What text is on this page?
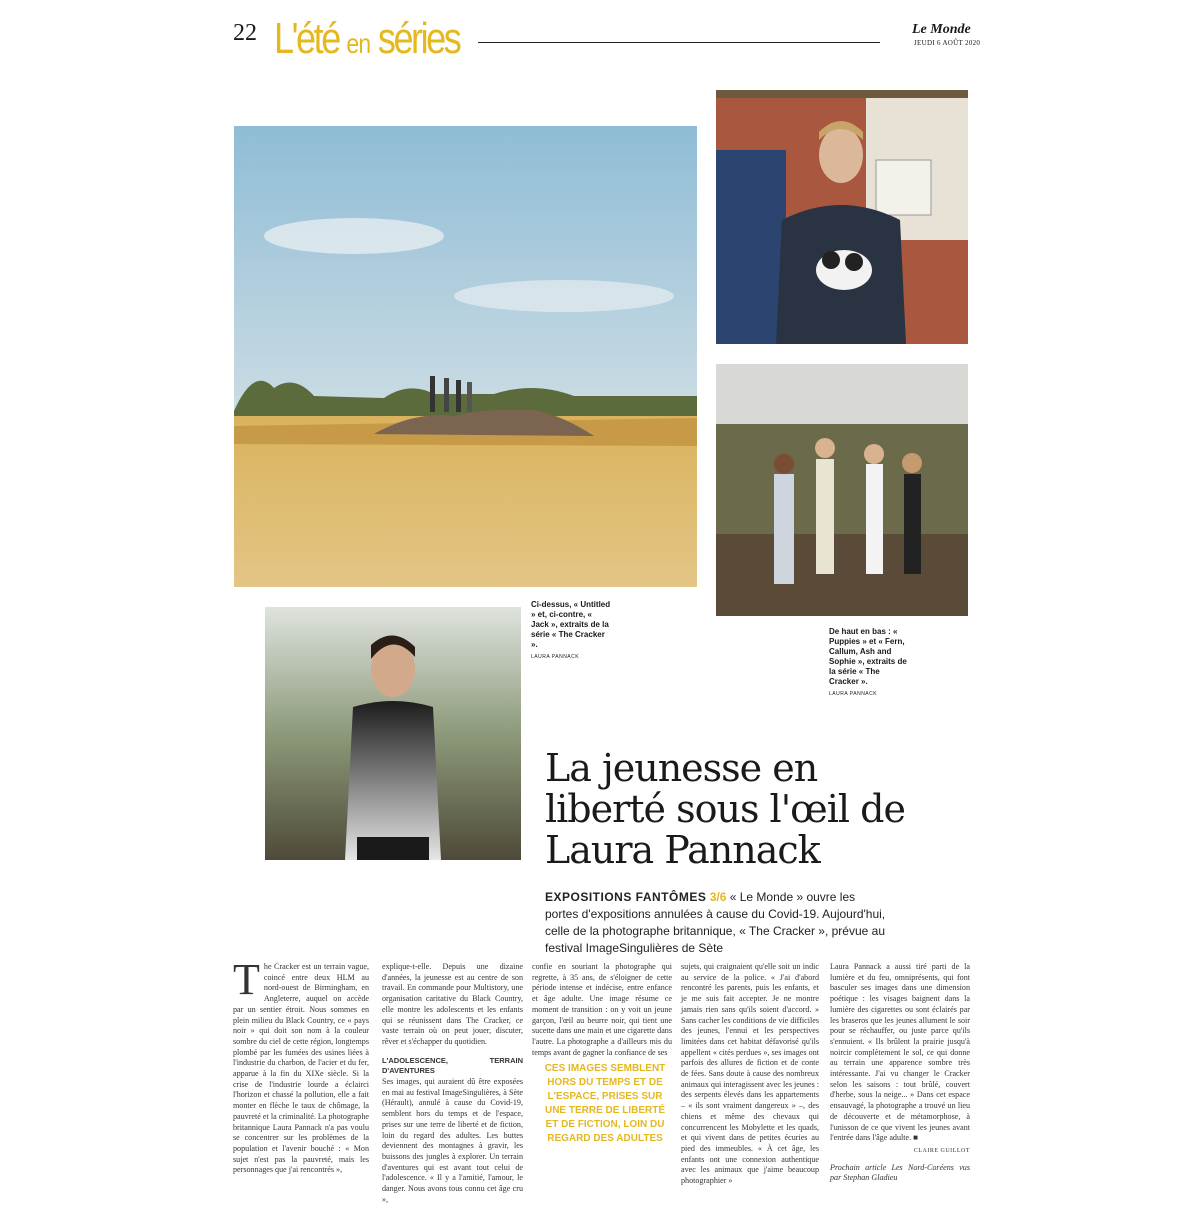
22 L'été en séries	Le Monde
JEUDI 6 AOÛT 2020
Ci-dessus, « Untitled » et, ci-contre, « Jack », extraits de la série « The Cracker ».
LAURA PANNACK
De haut en bas : « Puppies » et « Fern, Callum, Ash and Sophie », extraits de la série « The Cracker ».
LAURA PANNACK
La jeunesse en liberté sous l'œil de Laura Pannack
EXPOSITIONS FANTÔMES 3/6 « Le Monde » ouvre les portes d'expositions annulées à cause du Covid-19. Aujourd'hui, celle de la photographe britannique, « The Cracker », prévue au festival ImageSingulières de Sète
T he Cracker est un terrain vague, coincé entre deux HLM au nord-ouest de Birmingham, en Angleterre, auquel on accède par un sentier étroit. Nous sommes en plein milieu du Black Country, ce « pays noir » qui doit son nom à la couleur sombre du ciel de cette région, longtemps plombé par les fumées des usines liées à l'industrie du charbon, de l'acier et du fer, apparue à la fin du XIXe siècle. Si la crise de l'industrie lourde a éclairci l'horizon et chassé la pollution, elle a fait monter en flèche le taux de chômage, la pauvreté et la criminalité. La photographe britannique Laura Pannack n'a pas voulu se concentrer sur les problèmes de la population et l'avenir bouché : « Mon sujet n'est pas la pauvreté, mais les personnages que j'ai rencontrés »,

explique-t-elle. Depuis une dizaine d'années, la jeunesse est au centre de son travail. En commande pour Multistory, une organisation caritative du Black Country, elle montre les adolescents et les enfants qui se réunissent dans The Cracker, ce vaste terrain où on peut jouer, discuter, rêver et s'échapper du quotidien.

L'ADOLESCENCE, TERRAIN D'AVENTURES

Ses images, qui auraient dû être exposées en mai au festival ImageSingulières, à Sète (Hérault), annulé à cause du Covid-19, semblent hors du temps et de l'espace, prises sur une terre de liberté et de fiction, loin du regard des adultes. Les buttes deviennent des montagnes à gravir, les buissons des jungles à explorer. Un terrain d'aventures qui est avant tout celui de l'adolescence. « Il y a l'amitié, l'amour, le danger. Nous avons tous connu cet âge cru »,

confie en souriant la photographe qui regrette, à 35 ans, de s'éloigner de cette période intense et indécise, entre enfance et âge adulte. Une image résume ce moment de transition : on y voit un jeune garçon, l'œil au beurre noir, qui tient une sucette dans une main et une cigarette dans l'autre. La photographe a d'ailleurs mis du temps avant de gagner la confiance de ses

CES IMAGES SEMBLENT HORS DU TEMPS ET DE L'ESPACE, PRISES SUR UNE TERRE DE LIBERTÉ ET DE FICTION, LOIN DU REGARD DES ADULTES

sujets, qui craignaient qu'elle soit un indic au service de la police. « J'ai d'abord rencontré les parents, puis les enfants, et je me suis fait accepter. Je ne montre jamais rien sans qu'ils soient d'accord. » Sans cacher les conditions de vie difficiles des jeunes, l'ennui et les perspectives limitées dans cet habitat défavorisé qu'ils appellent « cités perdues », ses images ont parfois des allures de fiction et de conte de fées. Sans doute à cause des nombreux animaux qui interagissent avec les jeunes : des serpents élevés dans les appartements – « ils sont vraiment dangereux » –, des chiens et même des chevaux qui concurrencent les Mobylette et les quads, et qui vivent dans de petites écuries au pied des immeubles. « À cet âge, les enfants ont une connexion authentique avec les animaux que j'aime beaucoup photographier »

Laura Pannack a aussi tiré parti de la lumière et du feu, omniprésents, qui font basculer ses images dans une dimension poétique : les visages baignent dans la lumière des cigarettes ou sont éclairés par les braseros que les jeunes allument le soir pour se réchauffer, ou juste parce qu'ils s'ennuient. « Ils brûlent la prairie jusqu'à noircir complètement le sol, ce qui donne au terrain une apparence sombre très intéressante. J'ai vu changer le Cracker selon les saisons : tout brûlé, couvert d'herbe, sous la neige... » Dans cet espace ensauvagé, la photographe a trouvé un lieu de découverte et de métamorphose, à l'unisson de ce que vivent les jeunes avant l'entrée dans l'âge adulte. ■

CLAIRE GUILLOT

Prochain article Les Nord-Coréens vus par Stephan Gladieu
